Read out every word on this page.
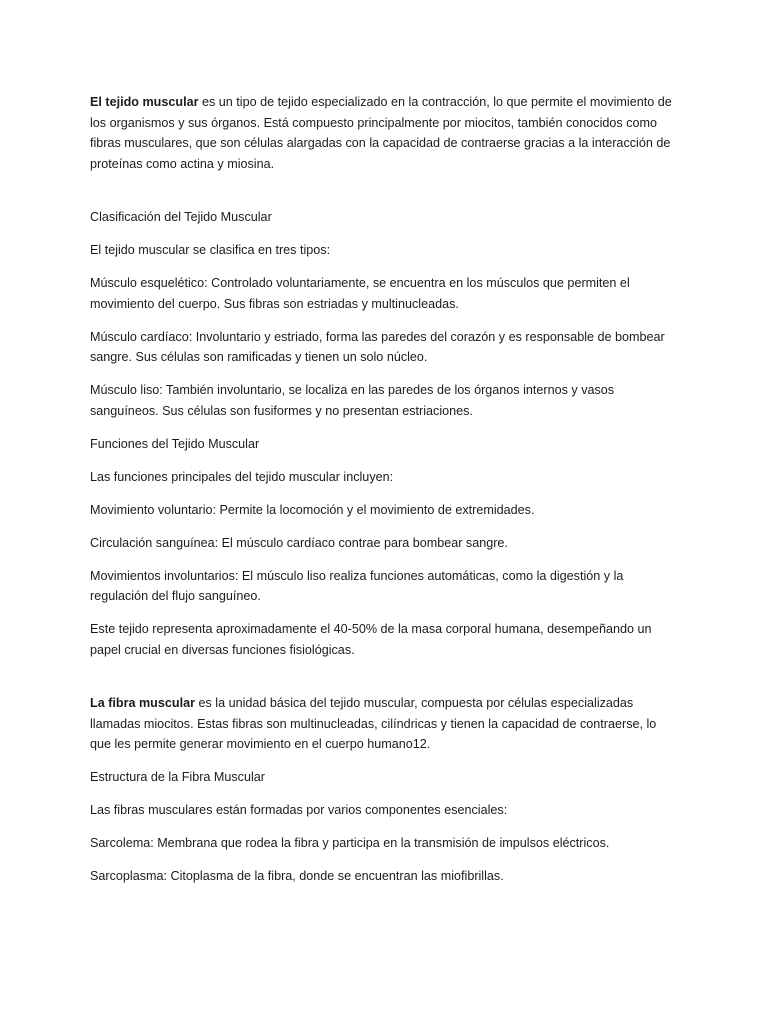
El tejido muscular es un tipo de tejido especializado en la contracción, lo que permite el movimiento de los organismos y sus órganos. Está compuesto principalmente por miocitos, también conocidos como fibras musculares, que son células alargadas con la capacidad de contraerse gracias a la interacción de proteínas como actina y miosina.

Clasificación del Tejido Muscular

El tejido muscular se clasifica en tres tipos:

Músculo esquelético: Controlado voluntariamente, se encuentra en los músculos que permiten el movimiento del cuerpo. Sus fibras son estriadas y multinucleadas.

Músculo cardíaco: Involuntario y estriado, forma las paredes del corazón y es responsable de bombear sangre. Sus células son ramificadas y tienen un solo núcleo.

Músculo liso: También involuntario, se localiza en las paredes de los órganos internos y vasos sanguíneos. Sus células son fusiformes y no presentan estriaciones.

Funciones del Tejido Muscular

Las funciones principales del tejido muscular incluyen:

Movimiento voluntario: Permite la locomoción y el movimiento de extremidades.

Circulación sanguínea: El músculo cardíaco contrae para bombear sangre.

Movimientos involuntarios: El músculo liso realiza funciones automáticas, como la digestión y la regulación del flujo sanguíneo.

Este tejido representa aproximadamente el 40-50% de la masa corporal humana, desempeñando un papel crucial en diversas funciones fisiológicas.

La fibra muscular es la unidad básica del tejido muscular, compuesta por células especializadas llamadas miocitos. Estas fibras son multinucleadas, cilíndricas y tienen la capacidad de contraerse, lo que les permite generar movimiento en el cuerpo humano12.

Estructura de la Fibra Muscular

Las fibras musculares están formadas por varios componentes esenciales:

Sarcolema: Membrana que rodea la fibra y participa en la transmisión de impulsos eléctricos.

Sarcoplasma: Citoplasma de la fibra, donde se encuentran las miofibrillas.
